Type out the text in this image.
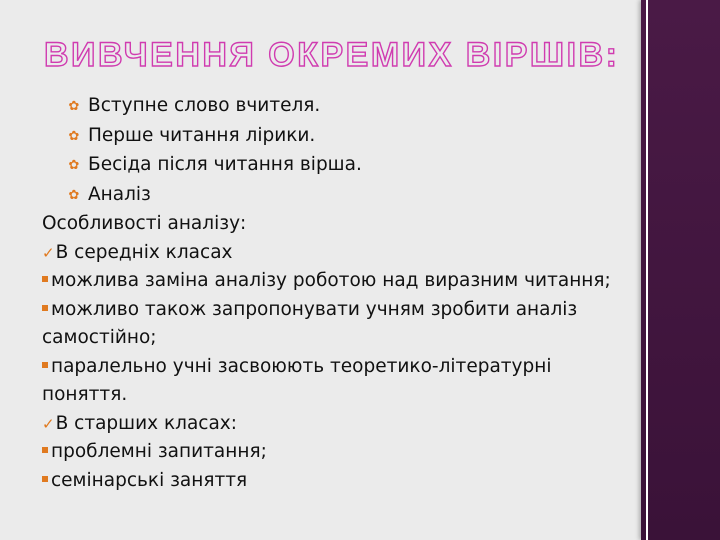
ВИВЧЕННЯ ОКРЕМИХ ВІРШІВ:

✿ Вступне слово вчителя.

✿ Перше читання лірики.

✿ Бесіда після читання вірша.

✿ Аналіз

Особливості аналізу:

✓В середніх класах

можлива заміна аналізу роботою над виразним читання;

можливо також запропонувати учням зробити аналіз самостійно;

паралельно учні засвоюють теоретико-літературні поняття.

✓В старших класах:

проблемні запитання;

семінарські заняття
